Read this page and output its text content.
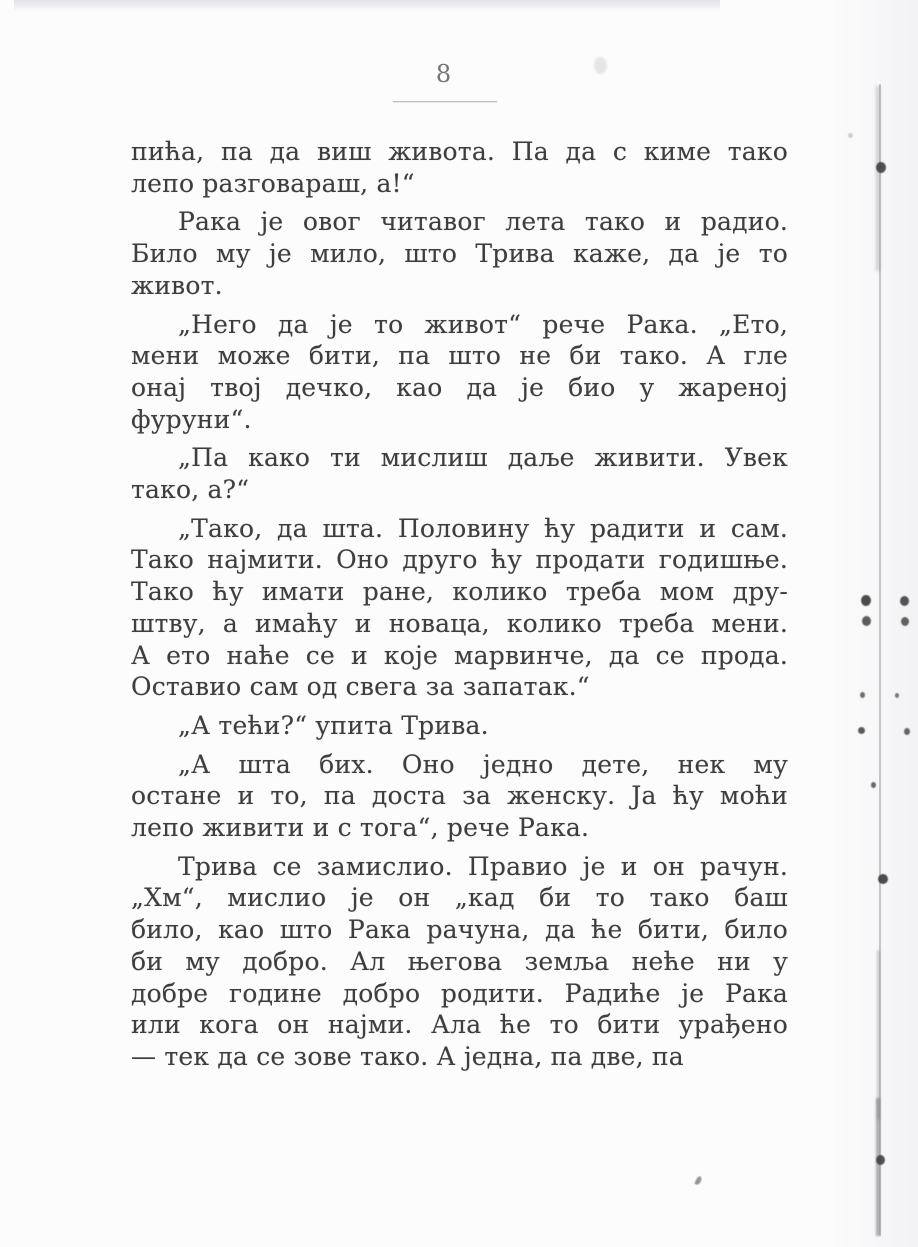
8
пића, па да виш живота. Па да с киме тако
лепо разговараш, а!“
Рака је овог читавог лета тако и радио.
Било му је мило, што Трива каже, да је то
живот.
„Него да је то живот“ рече Рака. „Ето,
мени може бити, па што не би тако. А гле
онај твој дечко, као да је био у жареној
фуруни“.
„Па како ти мислиш даље живити. Увек
тако, а?“
„Тако, да шта. Половину ћу радити и сам.
Тако најмити. Оно друго ћу продати годишње.
Тако ћу имати ране, колико треба мом дру-
штву, а имаћу и новаца, колико треба мени.
А ето наће се и које марвинче, да се прода.
Оставио сам од свега за запатак.“
„А тећи?“ упита Трива.
„А шта бих. Оно једно дете, нек му
остане и то, па доста за женску. Ја ћу моћи
лепо живити и с тога“, рече Рака.
Трива се замислио. Правио је и он рачун.
„Хм“, мислио је он „кад би то тако баш
било, као што Рака рачуна, да ће бити, било
би му добро. Ал његова земља неће ни у
добре године добро родити. Радиће је Рака
или кога он најми. Ала ће то бити урађено
— тек да се зове тако. А једна, па две, па
